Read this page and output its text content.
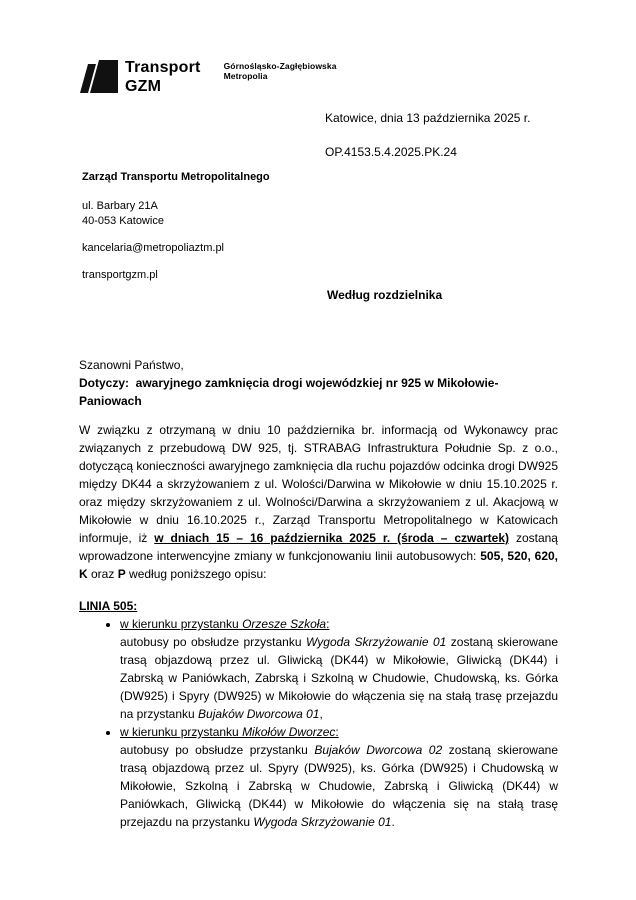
Transport
GZM
Górnośląsko-Zagłębiowska
Metropolia
Katowice, dnia 13 października 2025 r.
OP.4153.5.4.2025.PK.24
Zarząd Transportu Metropolitalnego
ul. Barbary 21A
40-053 Katowice
kancelaria@metropoliaztm.pl
transportgzm.pl
Według rozdzielnika
Szanowni Państwo,
Dotyczy:  awaryjnego zamknięcia drogi wojewódzkiej nr 925 w Mikołowie-Paniowach
W związku z otrzymaną w dniu 10 października br. informacją od Wykonawcy prac związanych z przebudową DW 925, tj. STRABAG Infrastruktura Południe Sp. z o.o., dotyczącą konieczności awaryjnego zamknięcia dla ruchu pojazdów odcinka drogi DW925 między DK44 a skrzyżowaniem z ul. Wolości/Darwina w Mikołowie w dniu 15.10.2025 r. oraz między skrzyżowaniem z ul. Wolności/Darwina a skrzyżowaniem z ul. Akacjową w Mikołowie w dniu 16.10.2025 r., Zarząd Transportu Metropolitalnego w Katowicach informuje, iż w dniach 15 – 16 października 2025 r. (środa – czwartek) zostaną wprowadzone interwencyjne zmiany w funkcjonowaniu linii autobusowych: 505, 520, 620, K oraz P według poniższego opisu:
LINIA 505:
• w kierunku przystanku Orzesze Szkoła:
autobusy po obsłudze przystanku Wygoda Skrzyżowanie 01 zostaną skierowane trasą objazdową przez ul. Gliwicką (DK44) w Mikołowie, Gliwicką (DK44) i Zabrską w Paniówkach, Zabrską i Szkolną w Chudowie, Chudowską, ks. Górka (DW925) i Spyry (DW925) w Mikołowie do włączenia się na stałą trasę przejazdu na przystanku Bujaków Dworcowa 01,
• w kierunku przystanku Mikołów Dworzec:
autobusy po obsłudze przystanku Bujaków Dworcowa 02 zostaną skierowane trasą objazdową przez ul. Spyry (DW925), ks. Górka (DW925) i Chudowską w Mikołowie, Szkolną i Zabrską w Chudowie, Zabrską i Gliwicką (DK44) w Paniówkach, Gliwicką (DK44) w Mikołowie do włączenia się na stałą trasę przejazdu na przystanku Wygoda Skrzyżowanie 01.
